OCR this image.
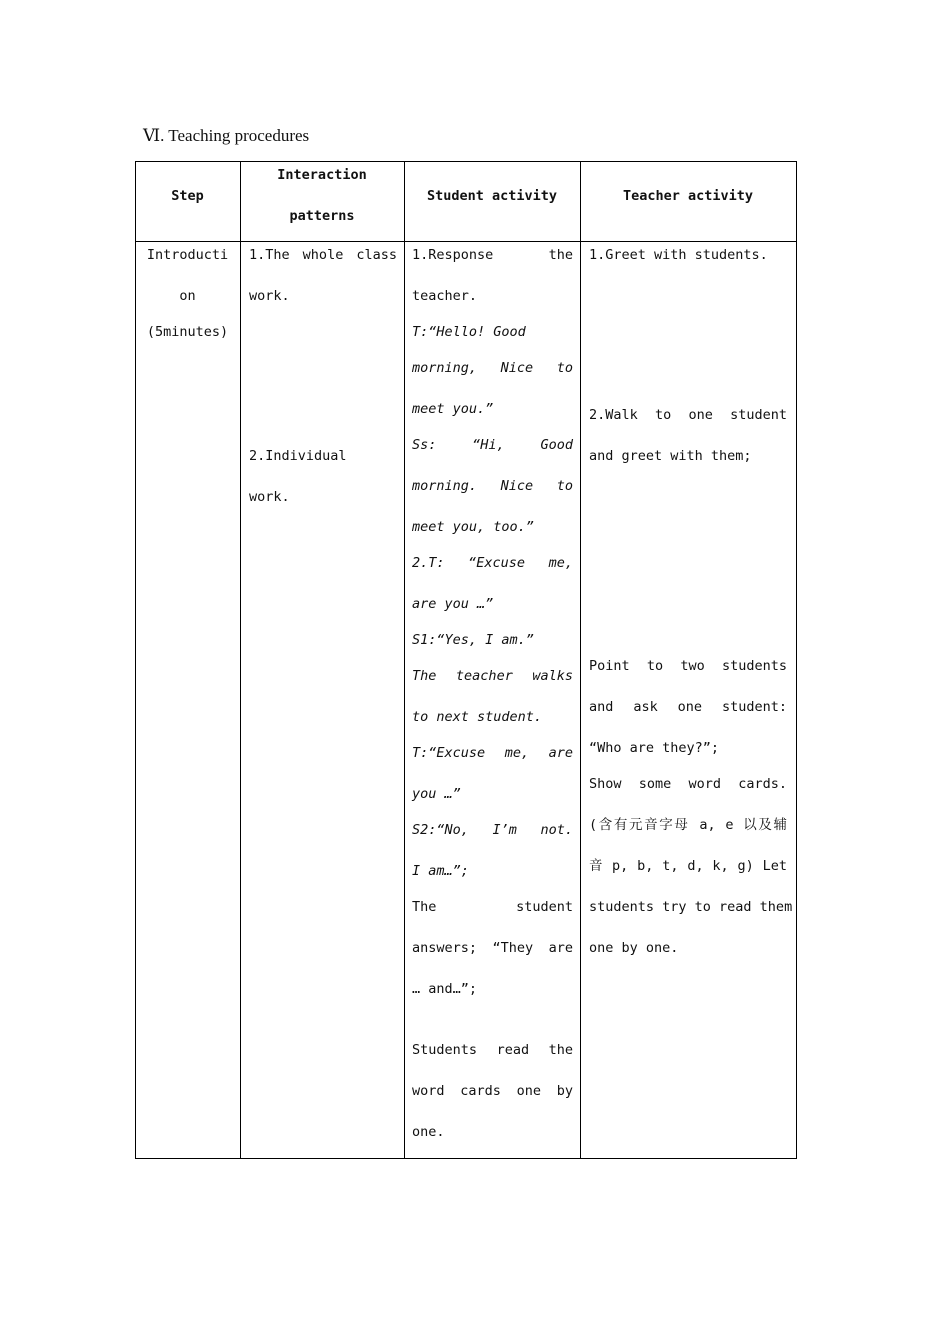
Ⅵ. Teaching procedures
Step
Interaction
patterns
Student activity	Teacher activity
Introducti
on
(5minutes)
1.The whole class
work.
2.Individual
work.
1.Response the
teacher.
T:“Hello! Good
morning, Nice to
meet you.”
Ss: “Hi, Good
morning. Nice to
meet you, too.”
2.T: “Excuse me,
are you …”
S1:“Yes, I am.”
The teacher walks
to next student.
T:“Excuse me, are
you …”
S2:“No, I’m not.
I am…”;
The student
answers; “They are
… and…”;
Students read the
word cards one by
one.
1.Greet with students.
2.Walk to one student
and greet with them;
Point to two students
and ask one student:
“Who are they?”;
Show some word cards.
(含有元音字母 a, e 以及辅
音 p, b, t, d, k, g) Let
students try to read them
one by one.
